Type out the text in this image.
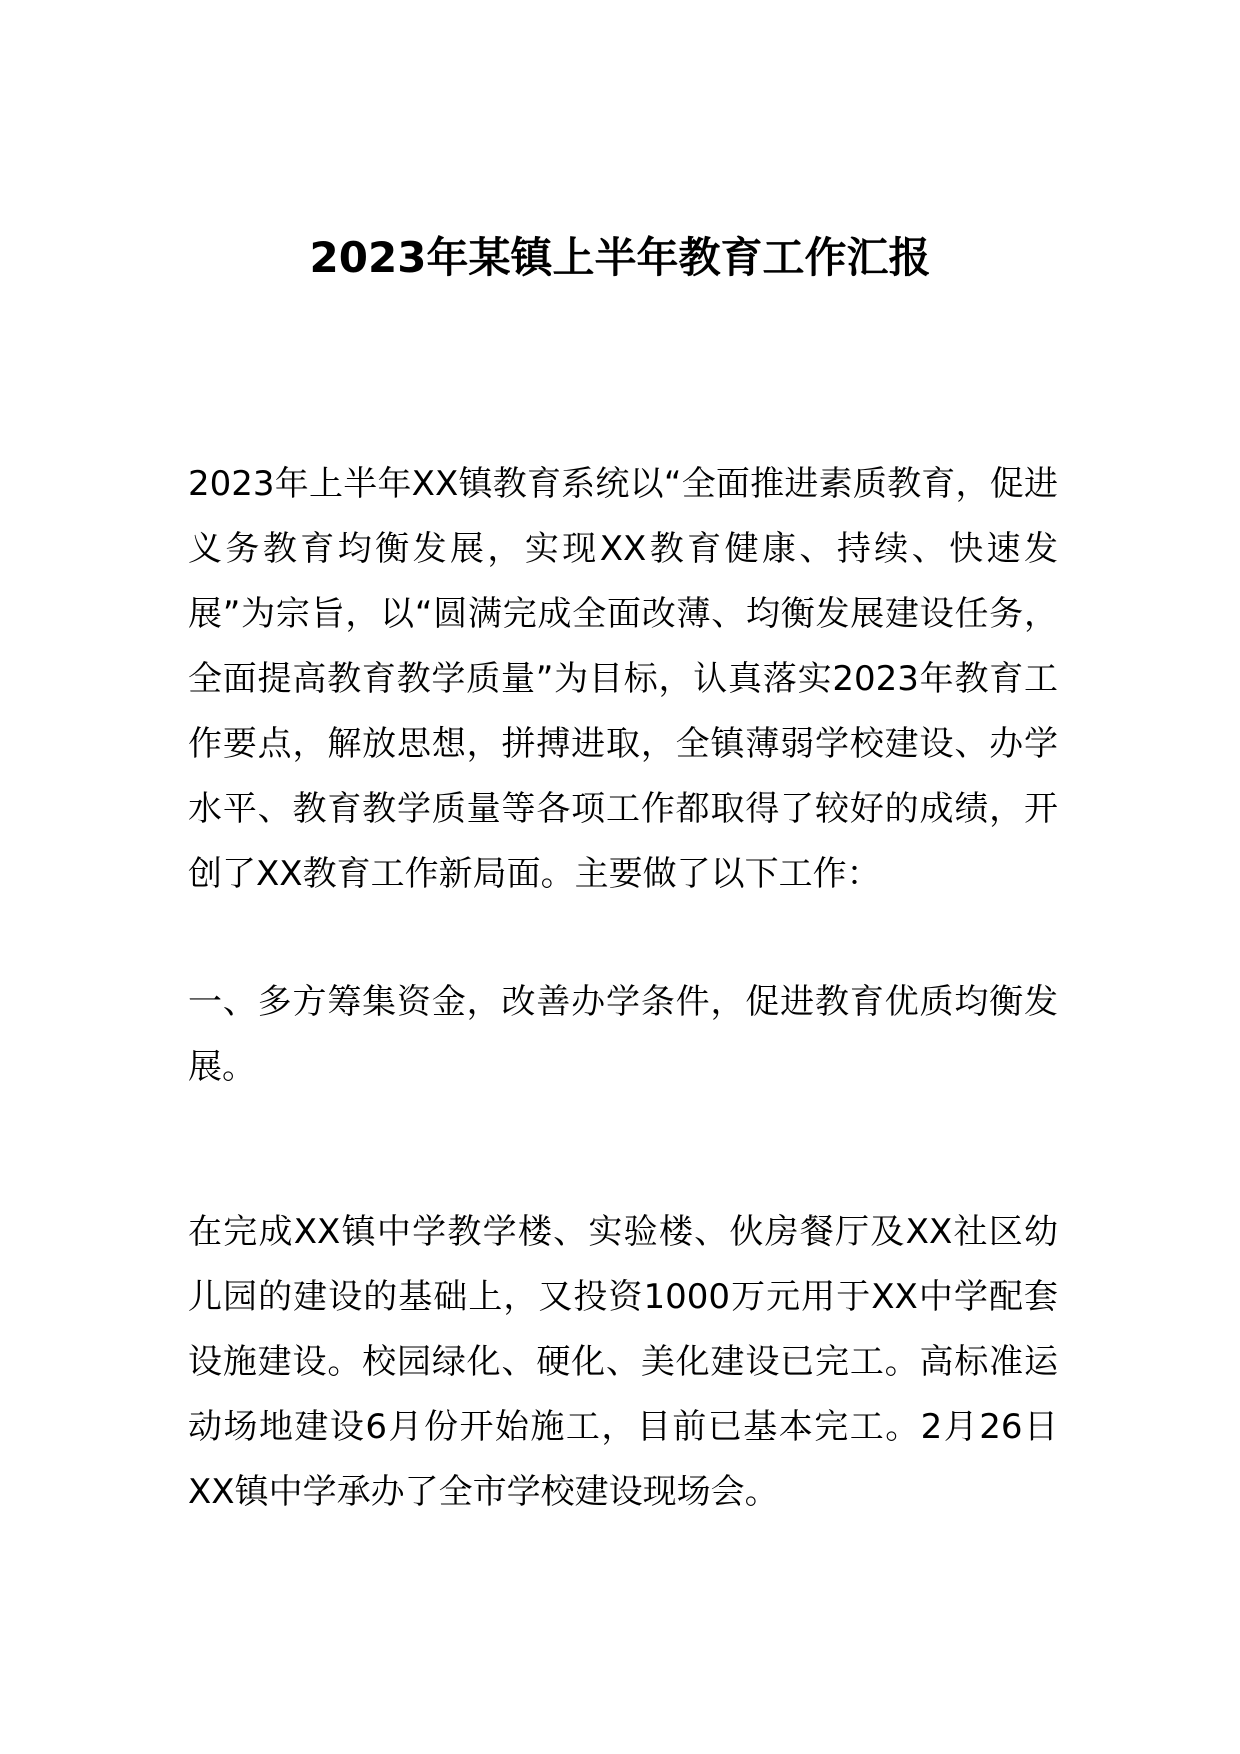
2023年某镇上半年教育工作汇报

2023年上半年XX镇教育系统以“全面推进素质教育，促进义务教育均衡发展，实现XX教育健康、持续、快速发展”为宗旨，以“圆满完成全面改薄、均衡发展建设任务，全面提高教育教学质量”为目标，认真落实2023年教育工作要点，解放思想，拼搏进取，全镇薄弱学校建设、办学水平、教育教学质量等各项工作都取得了较好的成绩，开创了XX教育工作新局面。主要做了以下工作：

一、多方筹集资金，改善办学条件，促进教育优质均衡发展。

在完成XX镇中学教学楼、实验楼、伙房餐厅及XX社区幼儿园的建设的基础上，又投资1000万元用于XX中学配套设施建设。校园绿化、硬化、美化建设已完工。高标准运动场地建设6月份开始施工，目前已基本完工。2月26日XX镇中学承办了全市学校建设现场会。
